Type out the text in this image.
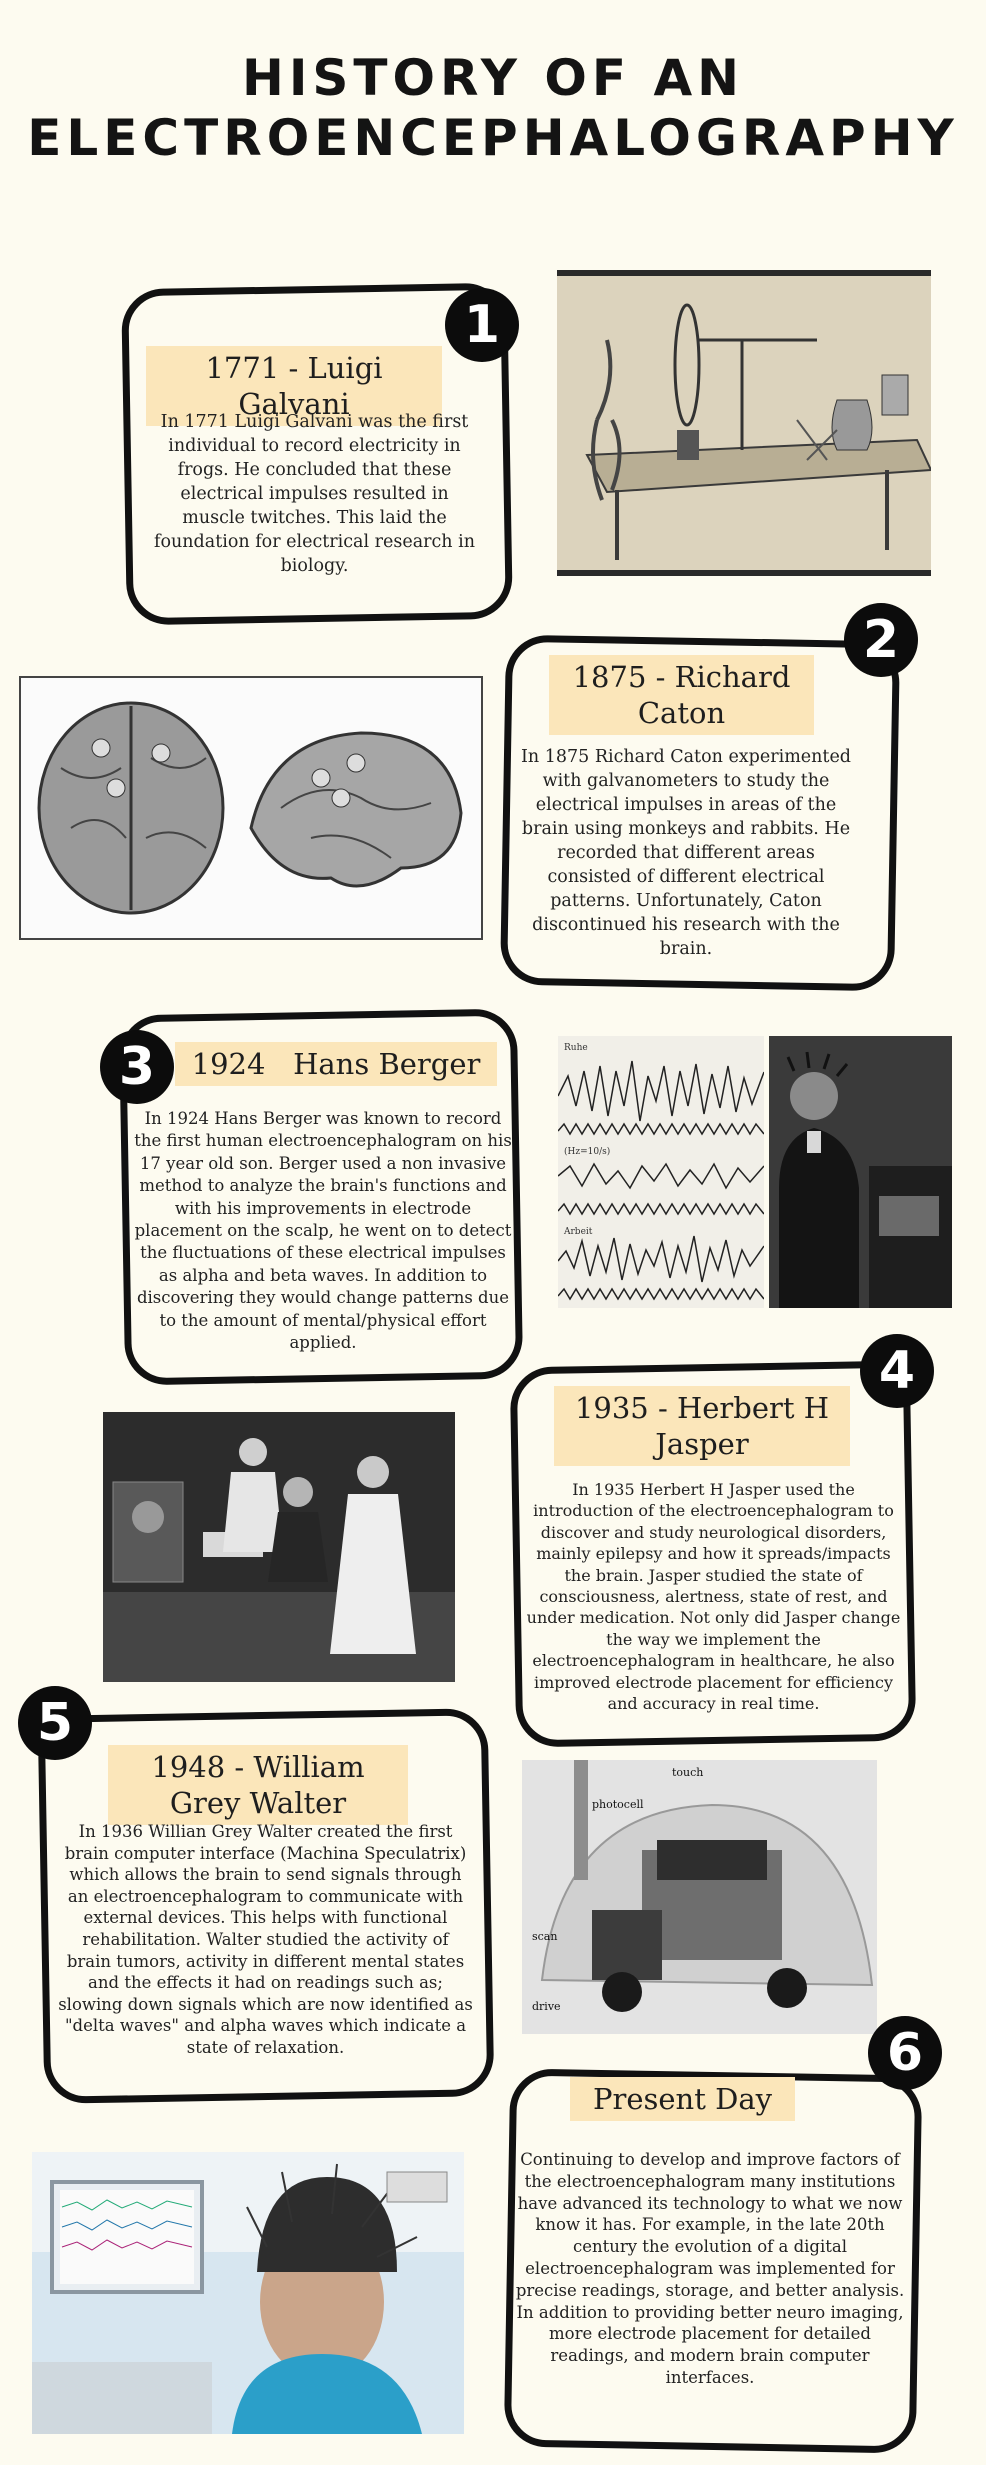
HISTORY OF AN
ELECTROENCEPHALOGRAPHY
1
1771 - Luigi Galvani
In 1771 Luigi Galvani was the first individual to record electricity in frogs. He concluded that these electrical impulses resulted in muscle twitches. This laid the foundation for electrical research in biology.
2
1875 - Richard Caton
In 1875 Richard Caton experimented with galvanometers to study the electrical impulses in areas of the brain using monkeys and rabbits. He recorded that different areas consisted of different electrical patterns. Unfortunately, Caton discontinued his research with the brain.
3	1924   Hans Berger
In 1924 Hans Berger was known to record the first human electroencephalogram on his 17 year old son. Berger used a non invasive method to analyze the brain's functions and with his improvements in electrode placement on the scalp, he went on to detect the fluctuations of these electrical impulses as alpha and beta waves. In addition to discovering they would change patterns due to the amount of mental/physical effort applied.
Ruhe
(Hz=10/s)
Arbeit
4
1935 - Herbert H Jasper
In 1935 Herbert H Jasper used the introduction of the electroencephalogram to discover and study neurological disorders, mainly epilepsy and how it spreads/impacts the brain. Jasper studied the state of consciousness, alertness, state of rest, and under medication. Not only did Jasper change the way we implement the electroencephalogram in healthcare, he also improved electrode placement for efficiency and accuracy in real time.
5
1948 - William Grey Walter
In 1936 Willian Grey Walter created the first brain computer interface (Machina Speculatrix) which allows the brain to send signals through an electroencephalogram to communicate with external devices. This helps with functional rehabilitation. Walter studied the activity of brain tumors, activity in different mental states and the effects it had on readings such as; slowing down signals which are now identified as "delta waves" and alpha waves which indicate a state of relaxation.
touch
photocell
scan
drive
6
Present Day
Continuing to develop and improve factors of the electroencephalogram many institutions have advanced its technology to what we now know it has. For example, in the late 20th century the evolution of a digital electroencephalogram was implemented for precise readings, storage, and better analysis. In addition to providing better neuro imaging, more electrode placement for detailed readings, and modern brain computer interfaces.
